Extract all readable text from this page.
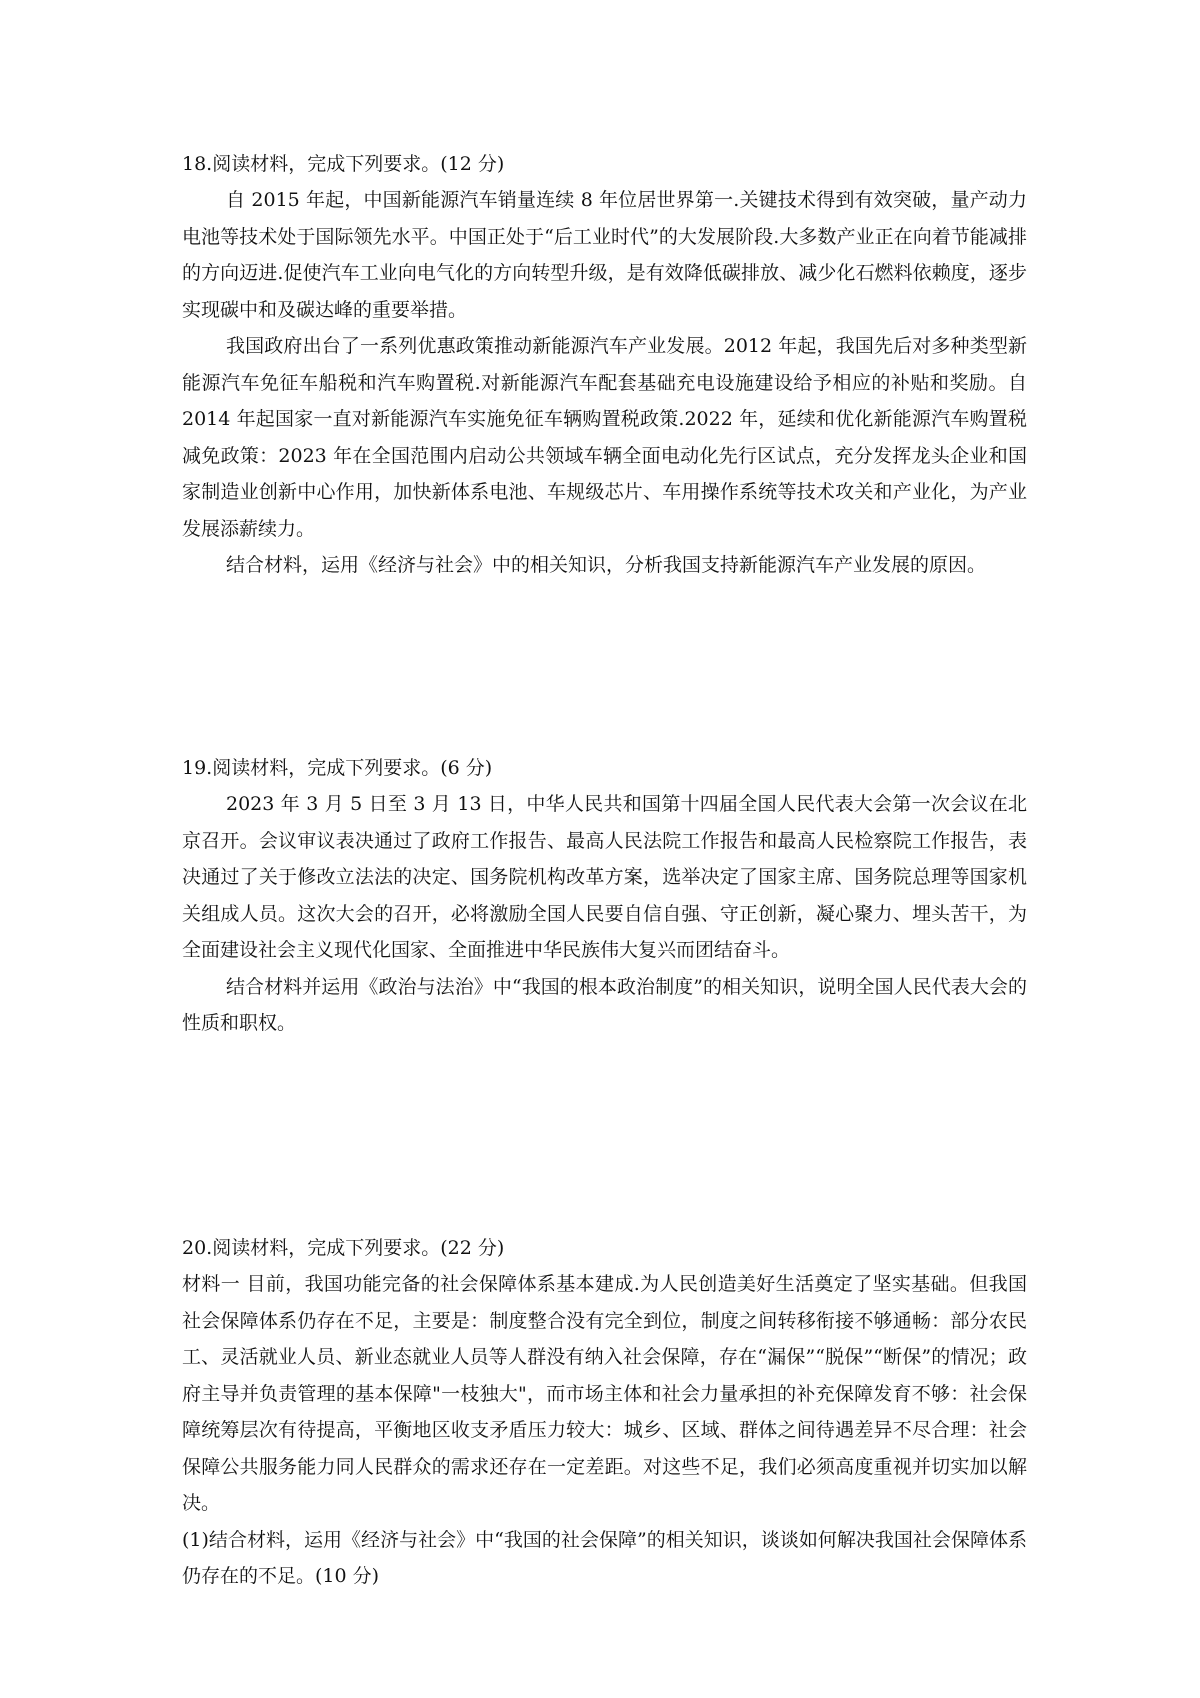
18.阅读材料，完成下列要求。(12 分)

自 2015 年起，中国新能源汽车销量连续 8 年位居世界第一.关键技术得到有效突破，量产动力电池等技术处于国际领先水平。中国正处于“后工业时代”的大发展阶段.大多数产业正在向着节能减排的方向迈进.促使汽车工业向电气化的方向转型升级，是有效降低碳排放、减少化石燃料依赖度，逐步实现碳中和及碳达峰的重要举措。

我国政府出台了一系列优惠政策推动新能源汽车产业发展。2012 年起，我国先后对多种类型新能源汽车免征车船税和汽车购置税.对新能源汽车配套基础充电设施建设给予相应的补贴和奖励。自 2014 年起国家一直对新能源汽车实施免征车辆购置税政策.2022 年，延续和优化新能源汽车购置税减免政策：2023 年在全国范围内启动公共领域车辆全面电动化先行区试点，充分发挥龙头企业和国家制造业创新中心作用，加快新体系电池、车规级芯片、车用操作系统等技术攻关和产业化，为产业发展添薪续力。

结合材料，运用《经济与社会》中的相关知识，分析我国支持新能源汽车产业发展的原因。

19.阅读材料，完成下列要求。(6 分)

2023 年 3 月 5 日至 3 月 13 日，中华人民共和国第十四届全国人民代表大会第一次会议在北京召开。会议审议表决通过了政府工作报告、最高人民法院工作报告和最高人民检察院工作报告，表决通过了关于修改立法法的决定、国务院机构改革方案，选举决定了国家主席、国务院总理等国家机关组成人员。这次大会的召开，必将激励全国人民要自信自强、守正创新，凝心聚力、埋头苦干，为全面建设社会主义现代化国家、全面推进中华民族伟大复兴而团结奋斗。

结合材料并运用《政治与法治》中“我国的根本政治制度”的相关知识，说明全国人民代表大会的性质和职权。

20.阅读材料，完成下列要求。(22 分)

材料一 目前，我国功能完备的社会保障体系基本建成.为人民创造美好生活奠定了坚实基础。但我国社会保障体系仍存在不足，主要是：制度整合没有完全到位，制度之间转移衔接不够通畅：部分农民工、灵活就业人员、新业态就业人员等人群没有纳入社会保障，存在“漏保”“脱保”“断保”的情况；政府主导并负责管理的基本保障"一枝独大"，而市场主体和社会力量承担的补充保障发育不够：社会保障统筹层次有待提高，平衡地区收支矛盾压力较大：城乡、区域、群体之间待遇差异不尽合理：社会保障公共服务能力同人民群众的需求还存在一定差距。对这些不足，我们必须高度重视并切实加以解决。

(1)结合材料，运用《经济与社会》中“我国的社会保障”的相关知识，谈谈如何解决我国社会保障体系仍存在的不足。(10 分)
